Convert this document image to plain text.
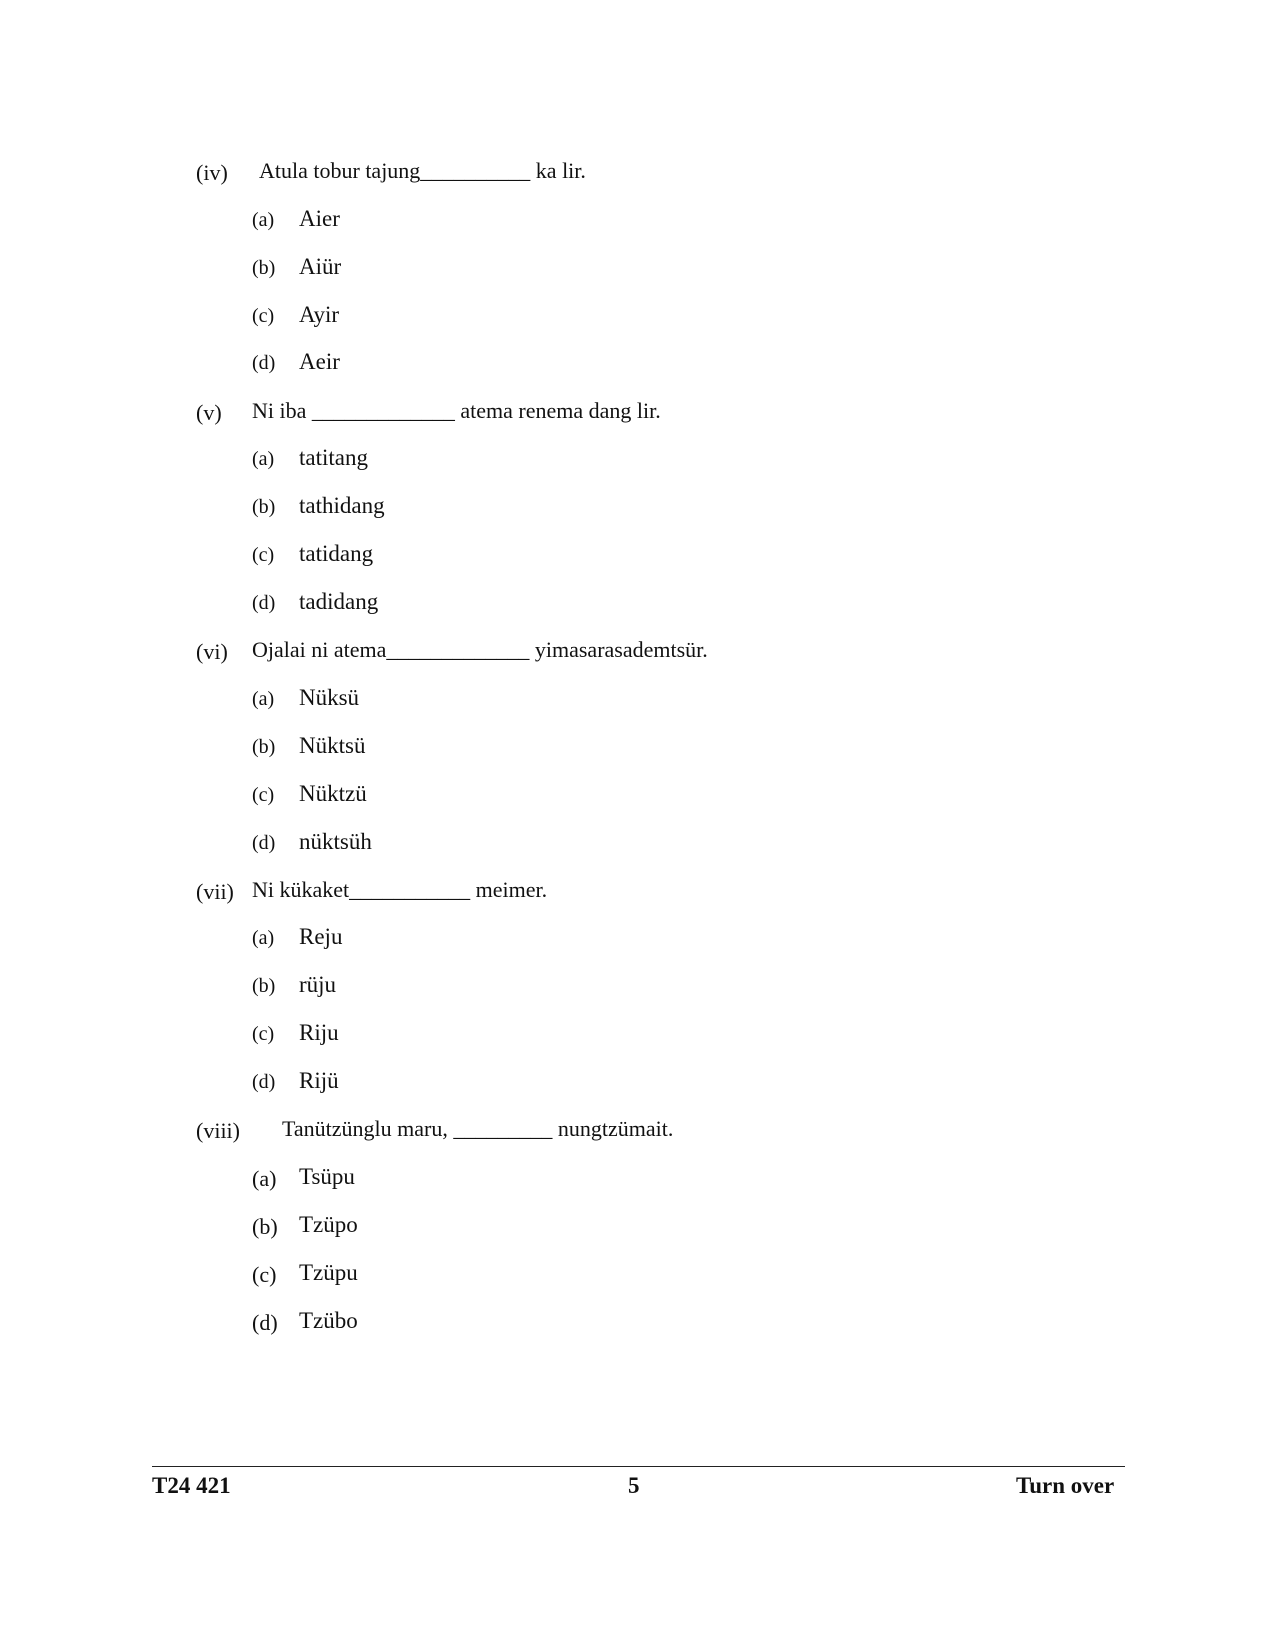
(iv) Atula tobur tajung__________ ka lir.
(a) Aier
(b) Aiür
(c) Ayir
(d) Aeir
(v) Ni iba _____________ atema renema dang lir.
(a) tatitang
(b) tathidang
(c) tatidang
(d) tadidang
(vi) Ojalai ni atema_____________ yimasarasademtsür.
(a) Nüksü
(b) Nüktsü
(c) Nüktzü
(d) nüktsüh
(vii) Ni kükaket___________ meimer.
(a) Reju
(b) rüju
(c) Riju
(d) Rijü
(viii) Tanützünglu maru, _________ nungtzümait.
(a) Tsüpu
(b) Tzüpo
(c) Tzüpu
(d) Tzübo
T24 421	5	Turn over
